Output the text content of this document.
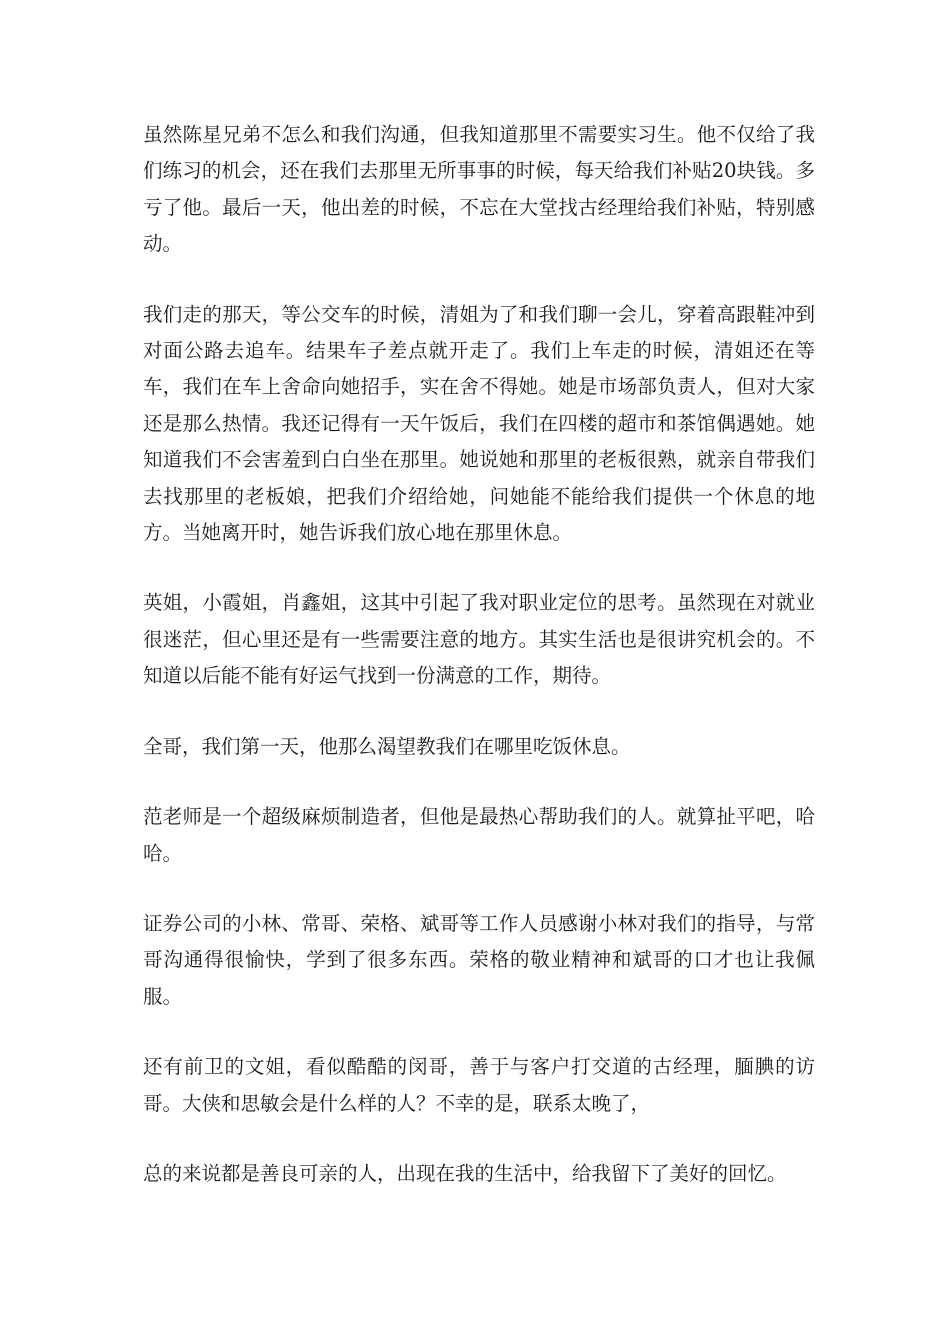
虽然陈星兄弟不怎么和我们沟通，但我知道那里不需要实习生。他不仅给了我们练习的机会，还在我们去那里无所事事的时候，每天给我们补贴20块钱。多亏了他。最后一天，他出差的时候，不忘在大堂找古经理给我们补贴，特别感动。

我们走的那天，等公交车的时候，清姐为了和我们聊一会儿，穿着高跟鞋冲到对面公路去追车。结果车子差点就开走了。我们上车走的时候，清姐还在等车，我们在车上舍命向她招手，实在舍不得她。她是市场部负责人，但对大家还是那么热情。我还记得有一天午饭后，我们在四楼的超市和茶馆偶遇她。她知道我们不会害羞到白白坐在那里。她说她和那里的老板很熟，就亲自带我们去找那里的老板娘，把我们介绍给她，问她能不能给我们提供一个休息的地方。当她离开时，她告诉我们放心地在那里休息。

英姐，小霞姐，肖鑫姐，这其中引起了我对职业定位的思考。虽然现在对就业很迷茫，但心里还是有一些需要注意的地方。其实生活也是很讲究机会的。不知道以后能不能有好运气找到一份满意的工作，期待。

全哥，我们第一天，他那么渴望教我们在哪里吃饭休息。

范老师是一个超级麻烦制造者，但他是最热心帮助我们的人。就算扯平吧，哈哈。

证券公司的小林、常哥、荣格、斌哥等工作人员感谢小林对我们的指导，与常哥沟通得很愉快，学到了很多东西。荣格的敬业精神和斌哥的口才也让我佩服。

还有前卫的文姐，看似酷酷的闵哥，善于与客户打交道的古经理，腼腆的访哥。大侠和思敏会是什么样的人？不幸的是，联系太晚了，

总的来说都是善良可亲的人，出现在我的生活中，给我留下了美好的回忆。
